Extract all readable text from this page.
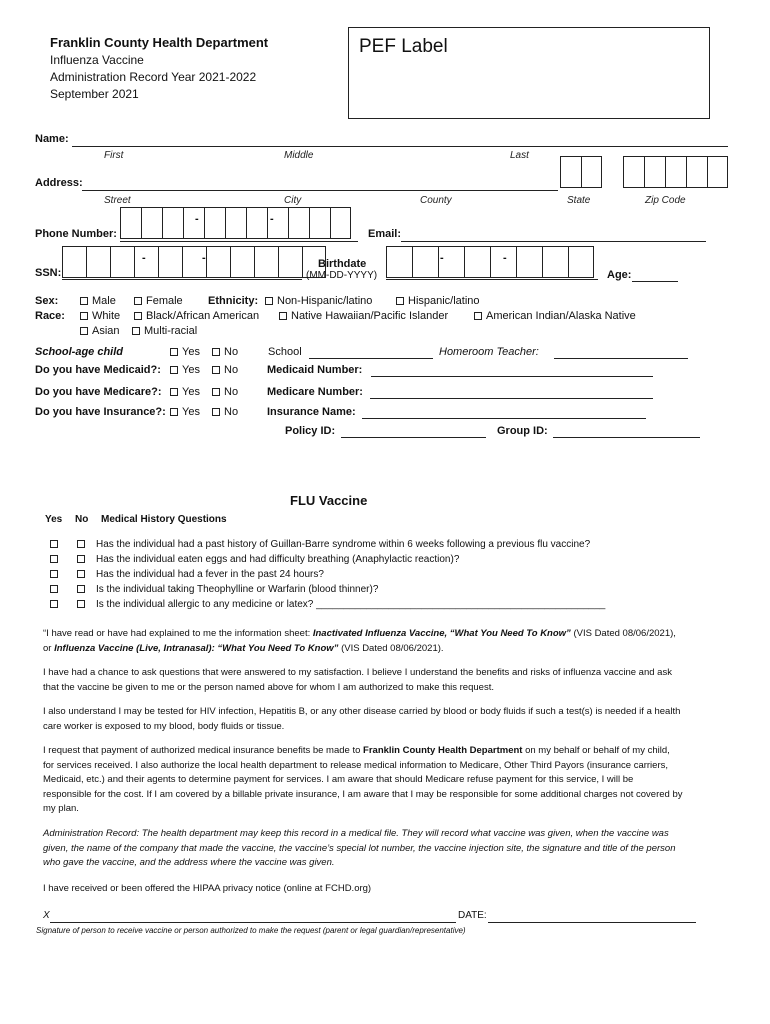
Franklin County Health Department
Influenza Vaccine
Administration Record Year 2021-2022
September 2021
PEF Label
Name:
First	Middle	Last
Address:
Street	City	County	State	Zip Code
Phone Number:
-	-
Email:
SSN:
-	-	Birthdate
(MM-DD-YYYY)
-	-
Age:
Sex:	Male	Female Ethnicity:	Non-Hispanic/latino	Hispanic/latino
Race:	White	Black/African American	Native Hawaiian/Pacific Islander	American Indian/Alaska Native
Asian	Multi-racial
School-age child	Yes	No	School	Homeroom Teacher:
Do you have Medicaid?:	Yes	No	Medicaid Number:
Do you have Medicare?:	Yes	No	Medicare Number:
Do you have Insurance?:	Yes	No	Insurance Name:
Policy ID:	Group ID:
FLU Vaccine
Yes No Medical History Questions
Has the individual had a past history of Guillan-Barre syndrome within 6 weeks following a previous flu vaccine?
Has the individual eaten eggs and had difficulty breathing (Anaphylactic reaction)?
Has the individual had a fever in the past 24 hours?
Is the individual taking Theophylline or Warfarin (blood thinner)?
Is the individual allergic to any medicine or latex? ____________________________________________________
“I have read or have had explained to me the information sheet: Inactivated Influenza Vaccine, “What You Need To Know” (VIS Dated 08/06/2021), or Influenza Vaccine (Live, Intranasal): “What You Need To Know” (VIS Dated 08/06/2021).
I have had a chance to ask questions that were answered to my satisfaction. I believe I understand the benefits and risks of influenza vaccine and ask that the vaccine be given to me or the person named above for whom I am authorized to make this request.
I also understand I may be tested for HIV infection, Hepatitis B, or any other disease carried by blood or body fluids if such a test(s) is needed if a health care worker is exposed to my blood, body fluids or tissue.
I request that payment of authorized medical insurance benefits be made to Franklin County Health Department on my behalf or behalf of my child, for services received. I also authorize the local health department to release medical information to Medicare, Other Third Payors (insurance carriers, Medicaid, etc.) and their agents to determine payment for services. I am aware that should Medicare refuse payment for this service, I will be responsible for the cost. If I am covered by a billable private insurance, I am aware that I may be responsible for some additional charges not covered by my plan.
Administration Record: The health department may keep this record in a medical file. They will record what vaccine was given, when the vaccine was given, the name of the company that made the vaccine, the vaccine’s special lot number, the vaccine injection site, the signature and title of the person who gave the vaccine, and the address where the vaccine was given.
I have received or been offered the HIPAA privacy notice (online at FCHD.org)
X	DATE:
Signature of person to receive vaccine or person authorized to make the request (parent or legal guardian/representative)
